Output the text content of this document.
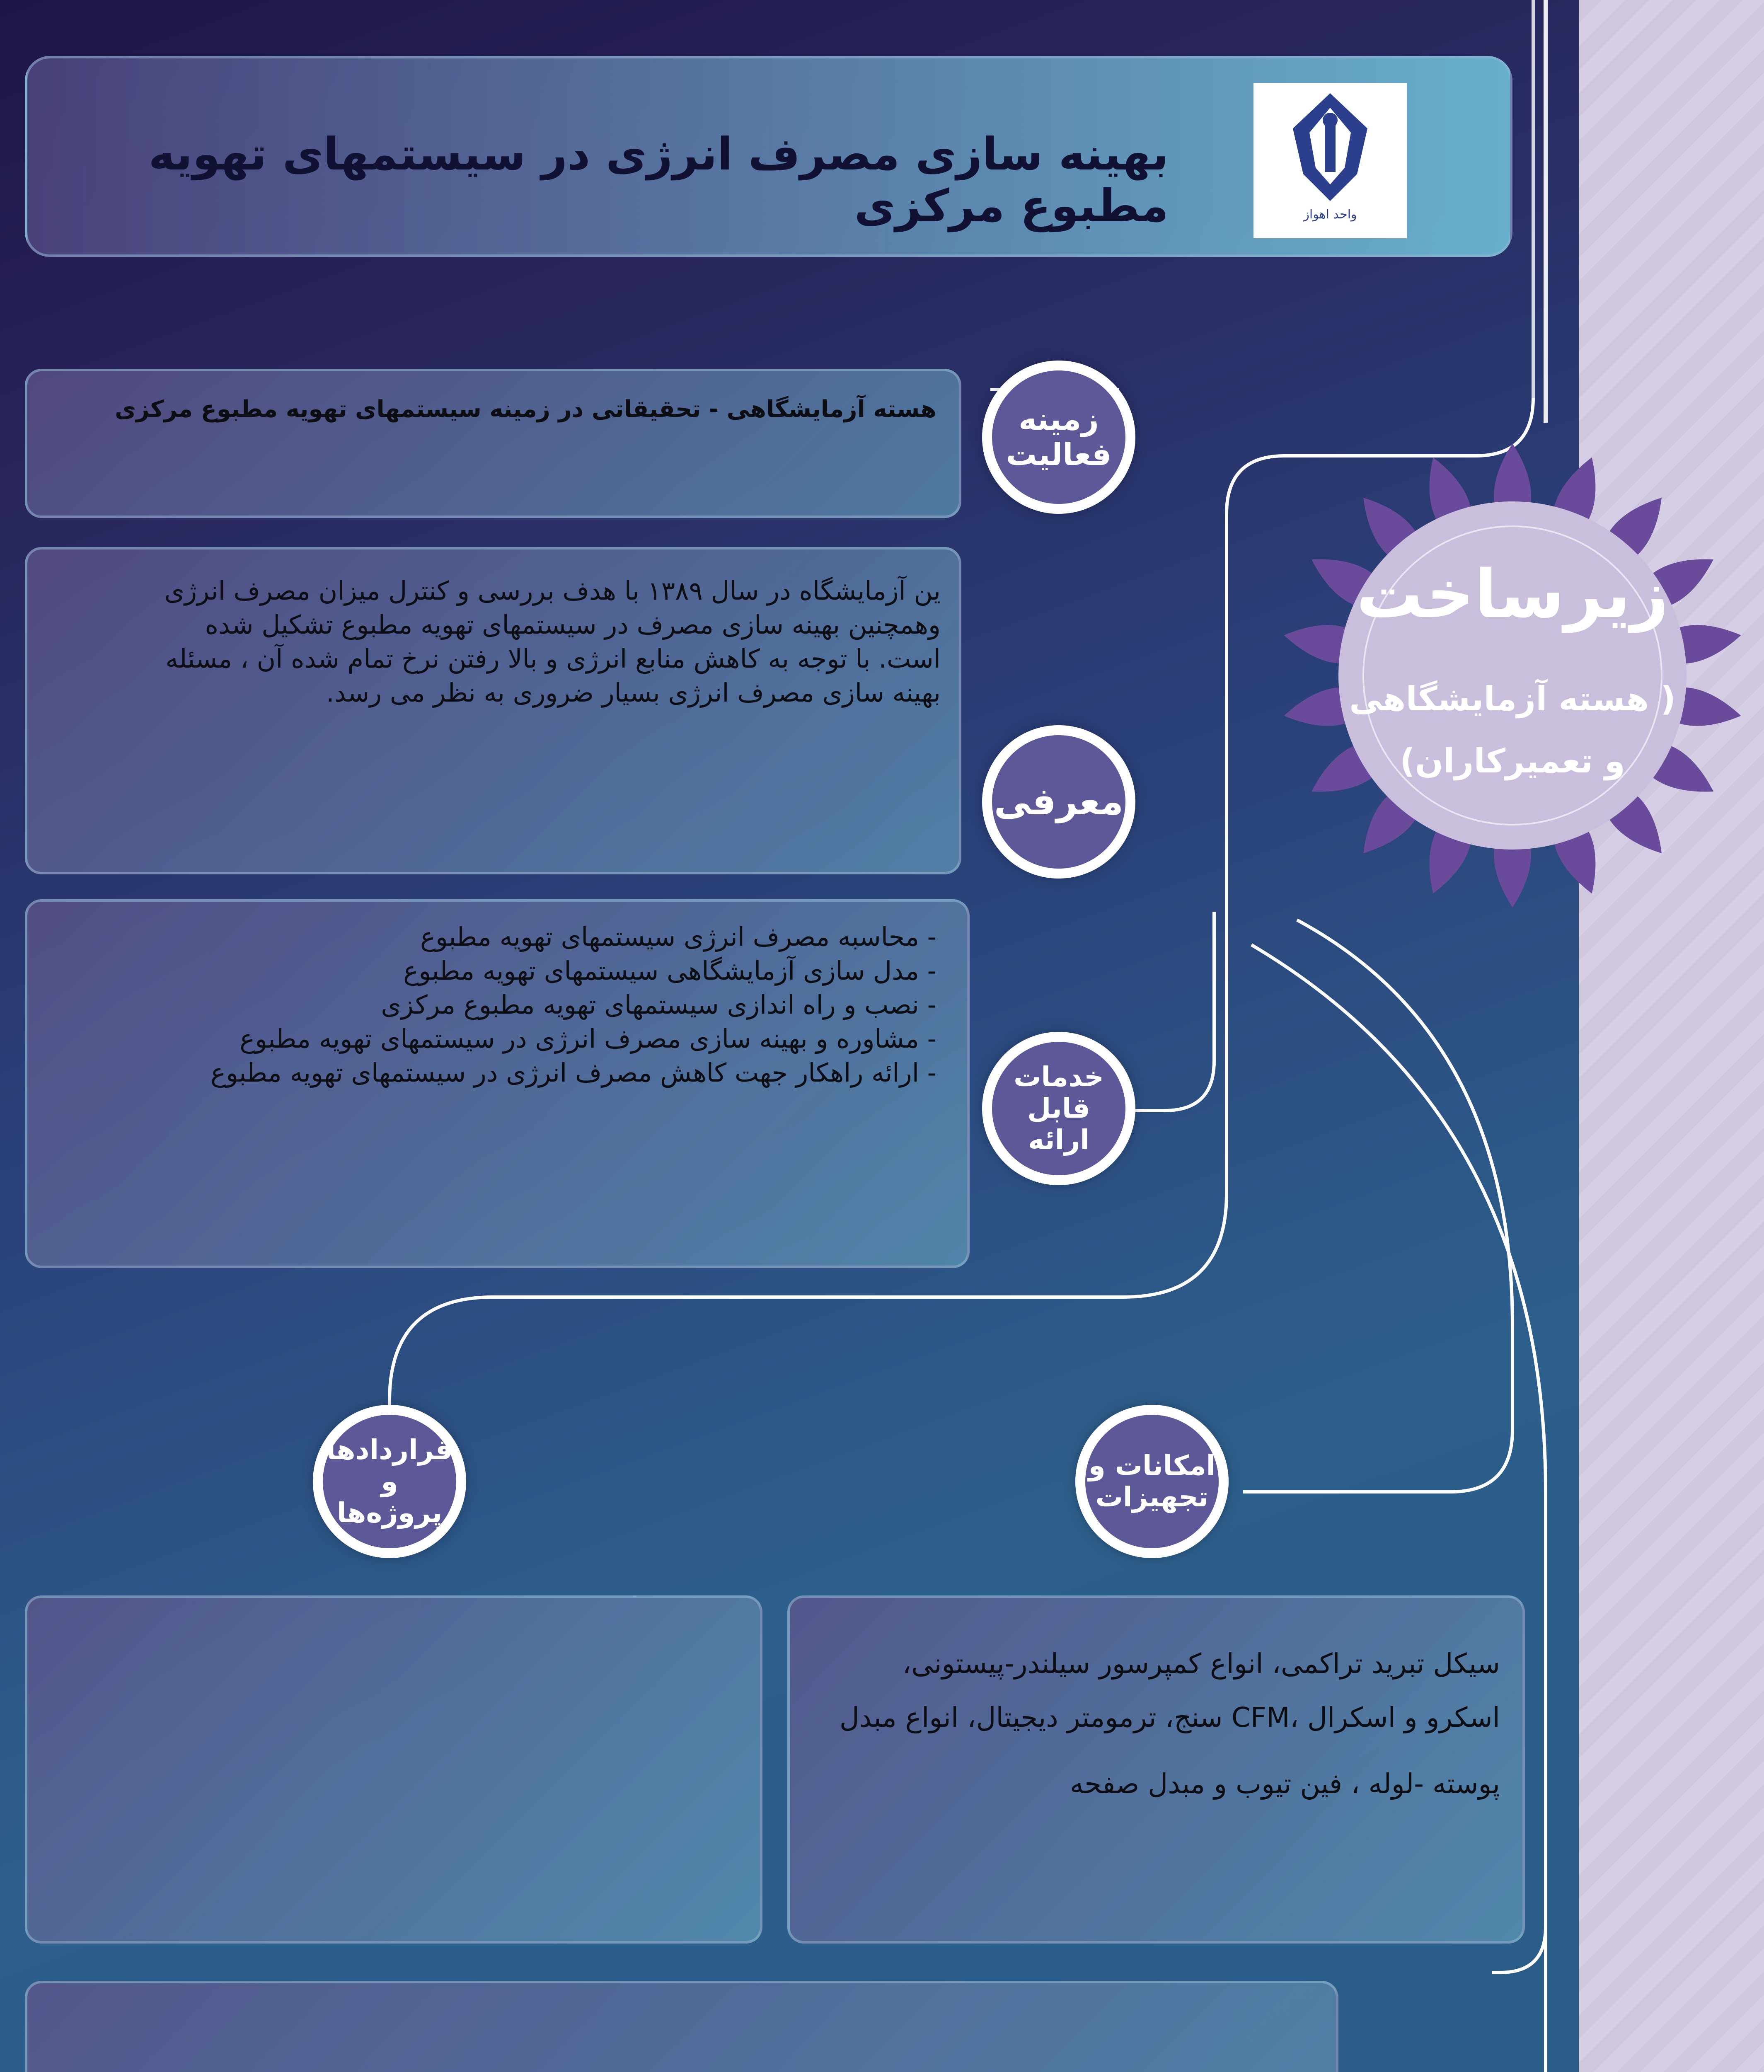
بهینه سازی مصرف انرژی در سیستمهای تهویه مطبوع مرکزی	واحد اهواز
زیرساخت
( هسته آزمایشگاهی
و تعمیرکاران)
هسته آزمایشگاهی - تحقیقاتی در زمینه سیستمهای تهویه مطبوع مرکزی	زمینه
فعالیت
ین آزمایشگاه در سال ۱۳۸۹ با هدف بررسی و کنترل میزان مصرف انرژی
وهمچنین بهینه سازی مصرف در سیستمهای تهویه مطبوع تشکیل شده
است. با توجه به کاهش منابع انرژی و بالا رفتن نرخ تمام شده آن ، مسئله
بهینه سازی مصرف انرژی بسیار ضروری به نظر می رسد.
معرفی
- محاسبه مصرف انرژی سیستمهای تهویه مطبوع
- مدل سازی آزمایشگاهی سیستمهای تهویه مطبوع
- نصب و راه اندازی سیستمهای تهویه مطبوع مرکزی
- مشاوره و بهینه سازی مصرف انرژی در سیستمهای تهویه مطبوع
- ارائه راهکار جهت کاهش مصرف انرژی در سیستمهای تهویه مطبوع	خدمات
قابل ارائه
قراردادها و
پروژه‌ها
امکانات و
تجهیزات
سیکل تبرید تراکمی، انواع کمپرسور سیلندر-پیستونی،
اسکرو و اسکرال ،CFM سنج، ترمومتر دیجیتال، انواع مبدل
پوسته -لوله ، فین تیوب و مبدل صفحه
